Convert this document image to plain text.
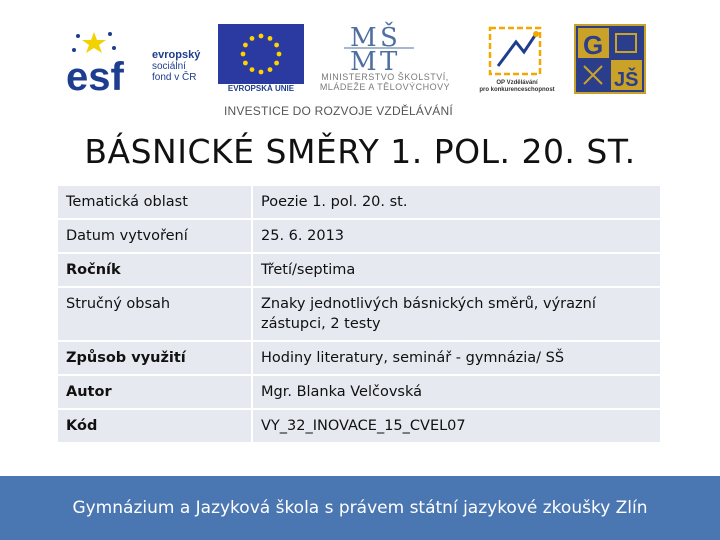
esf	evropský
sociální
fond v ČR
EVROPSKÁ UNIE
M Š
M T
MINISTERSTVO ŠKOLSTVÍ,
MLÁDEŽE A TĚLOVÝCHOVY	OP Vzdělávání
pro konkurenceschopnost
G
JŠ
INVESTICE DO ROZVOJE VZDĚLÁVÁNÍ
BÁSNICKÉ SMĚRY 1. POL. 20. ST.
Tematická oblast	Poezie 1. pol. 20. st.
Datum vytvoření	25. 6. 2013
Ročník	Třetí/septima
Stručný obsah	Znaky jednotlivých básnických směrů, výrazní zástupci, 2 testy
Způsob využití	Hodiny literatury, seminář - gymnázia/ SŠ
Autor	Mgr. Blanka Velčovská
Kód	VY_32_INOVACE_15_CVEL07
Gymnázium a Jazyková škola s právem státní jazykové zkoušky Zlín
